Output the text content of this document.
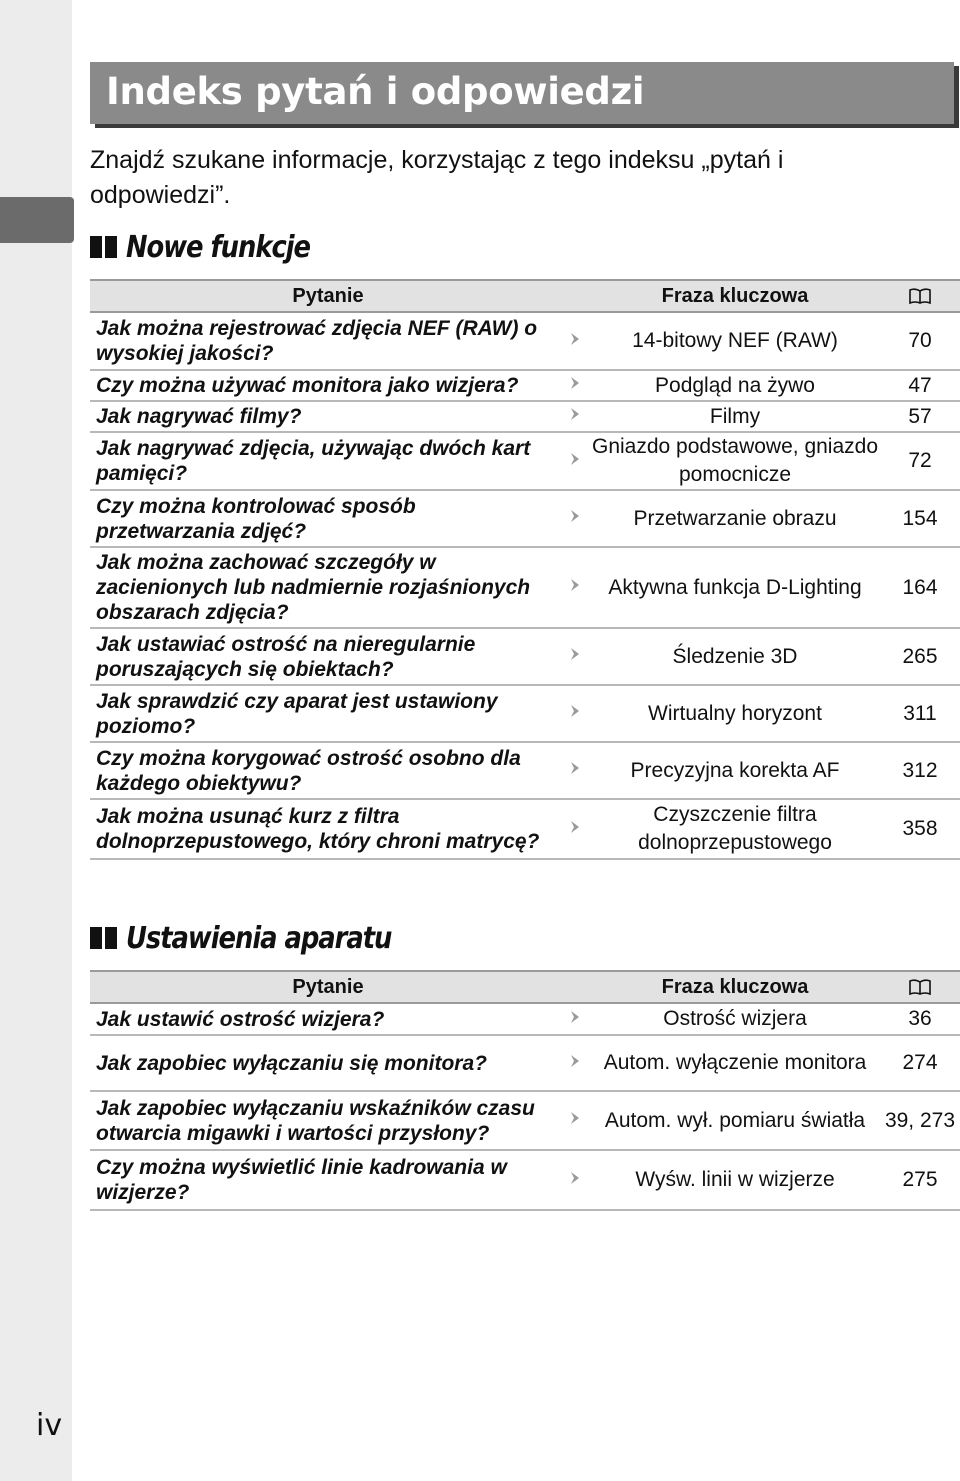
Indeks pytań i odpowiedzi
Znajdź szukane informacje, korzystając z tego indeksu „pytań i odpowiedzi”.
Nowe funkcje
Pytanie		Fraza kluczowa	
Jak można rejestrować zdjęcia NEF (RAW) o wysokiej jakości?		14-bitowy NEF (RAW)	70
Czy można używać monitora jako wizjera?		Podgląd na żywo	47
Jak nagrywać filmy?		Filmy	57
Jak nagrywać zdjęcia, używając dwóch kart pamięci?		Gniazdo podstawowe, gniazdo pomocnicze	72
Czy można kontrolować sposób przetwarzania zdjęć?		Przetwarzanie obrazu	154
Jak można zachować szczegóły w zacienionych lub nadmiernie rozjaśnionych obszarach zdjęcia?		Aktywna funkcja D-Lighting	164
Jak ustawiać ostrość na nieregularnie poruszających się obiektach?		Śledzenie 3D	265
Jak sprawdzić czy aparat jest ustawiony poziomo?		Wirtualny horyzont	311
Czy można korygować ostrość osobno dla każdego obiektywu?		Precyzyjna korekta AF	312
Jak można usunąć kurz z filtra dolnoprzepustowego, który chroni matrycę?		Czyszczenie filtra dolnoprzepustowego	358
Ustawienia aparatu
Pytanie		Fraza kluczowa	
Jak ustawić ostrość wizjera?		Ostrość wizjera	36
Jak zapobiec wyłączaniu się monitora?		Autom. wyłączenie monitora	274
Jak zapobiec wyłączaniu wskaźników czasu otwarcia migawki i wartości przysłony?		Autom. wył. pomiaru światła	39, 273
Czy można wyświetlić linie kadrowania w wizjerze?		Wyśw. linii w wizjerze	275
iv
